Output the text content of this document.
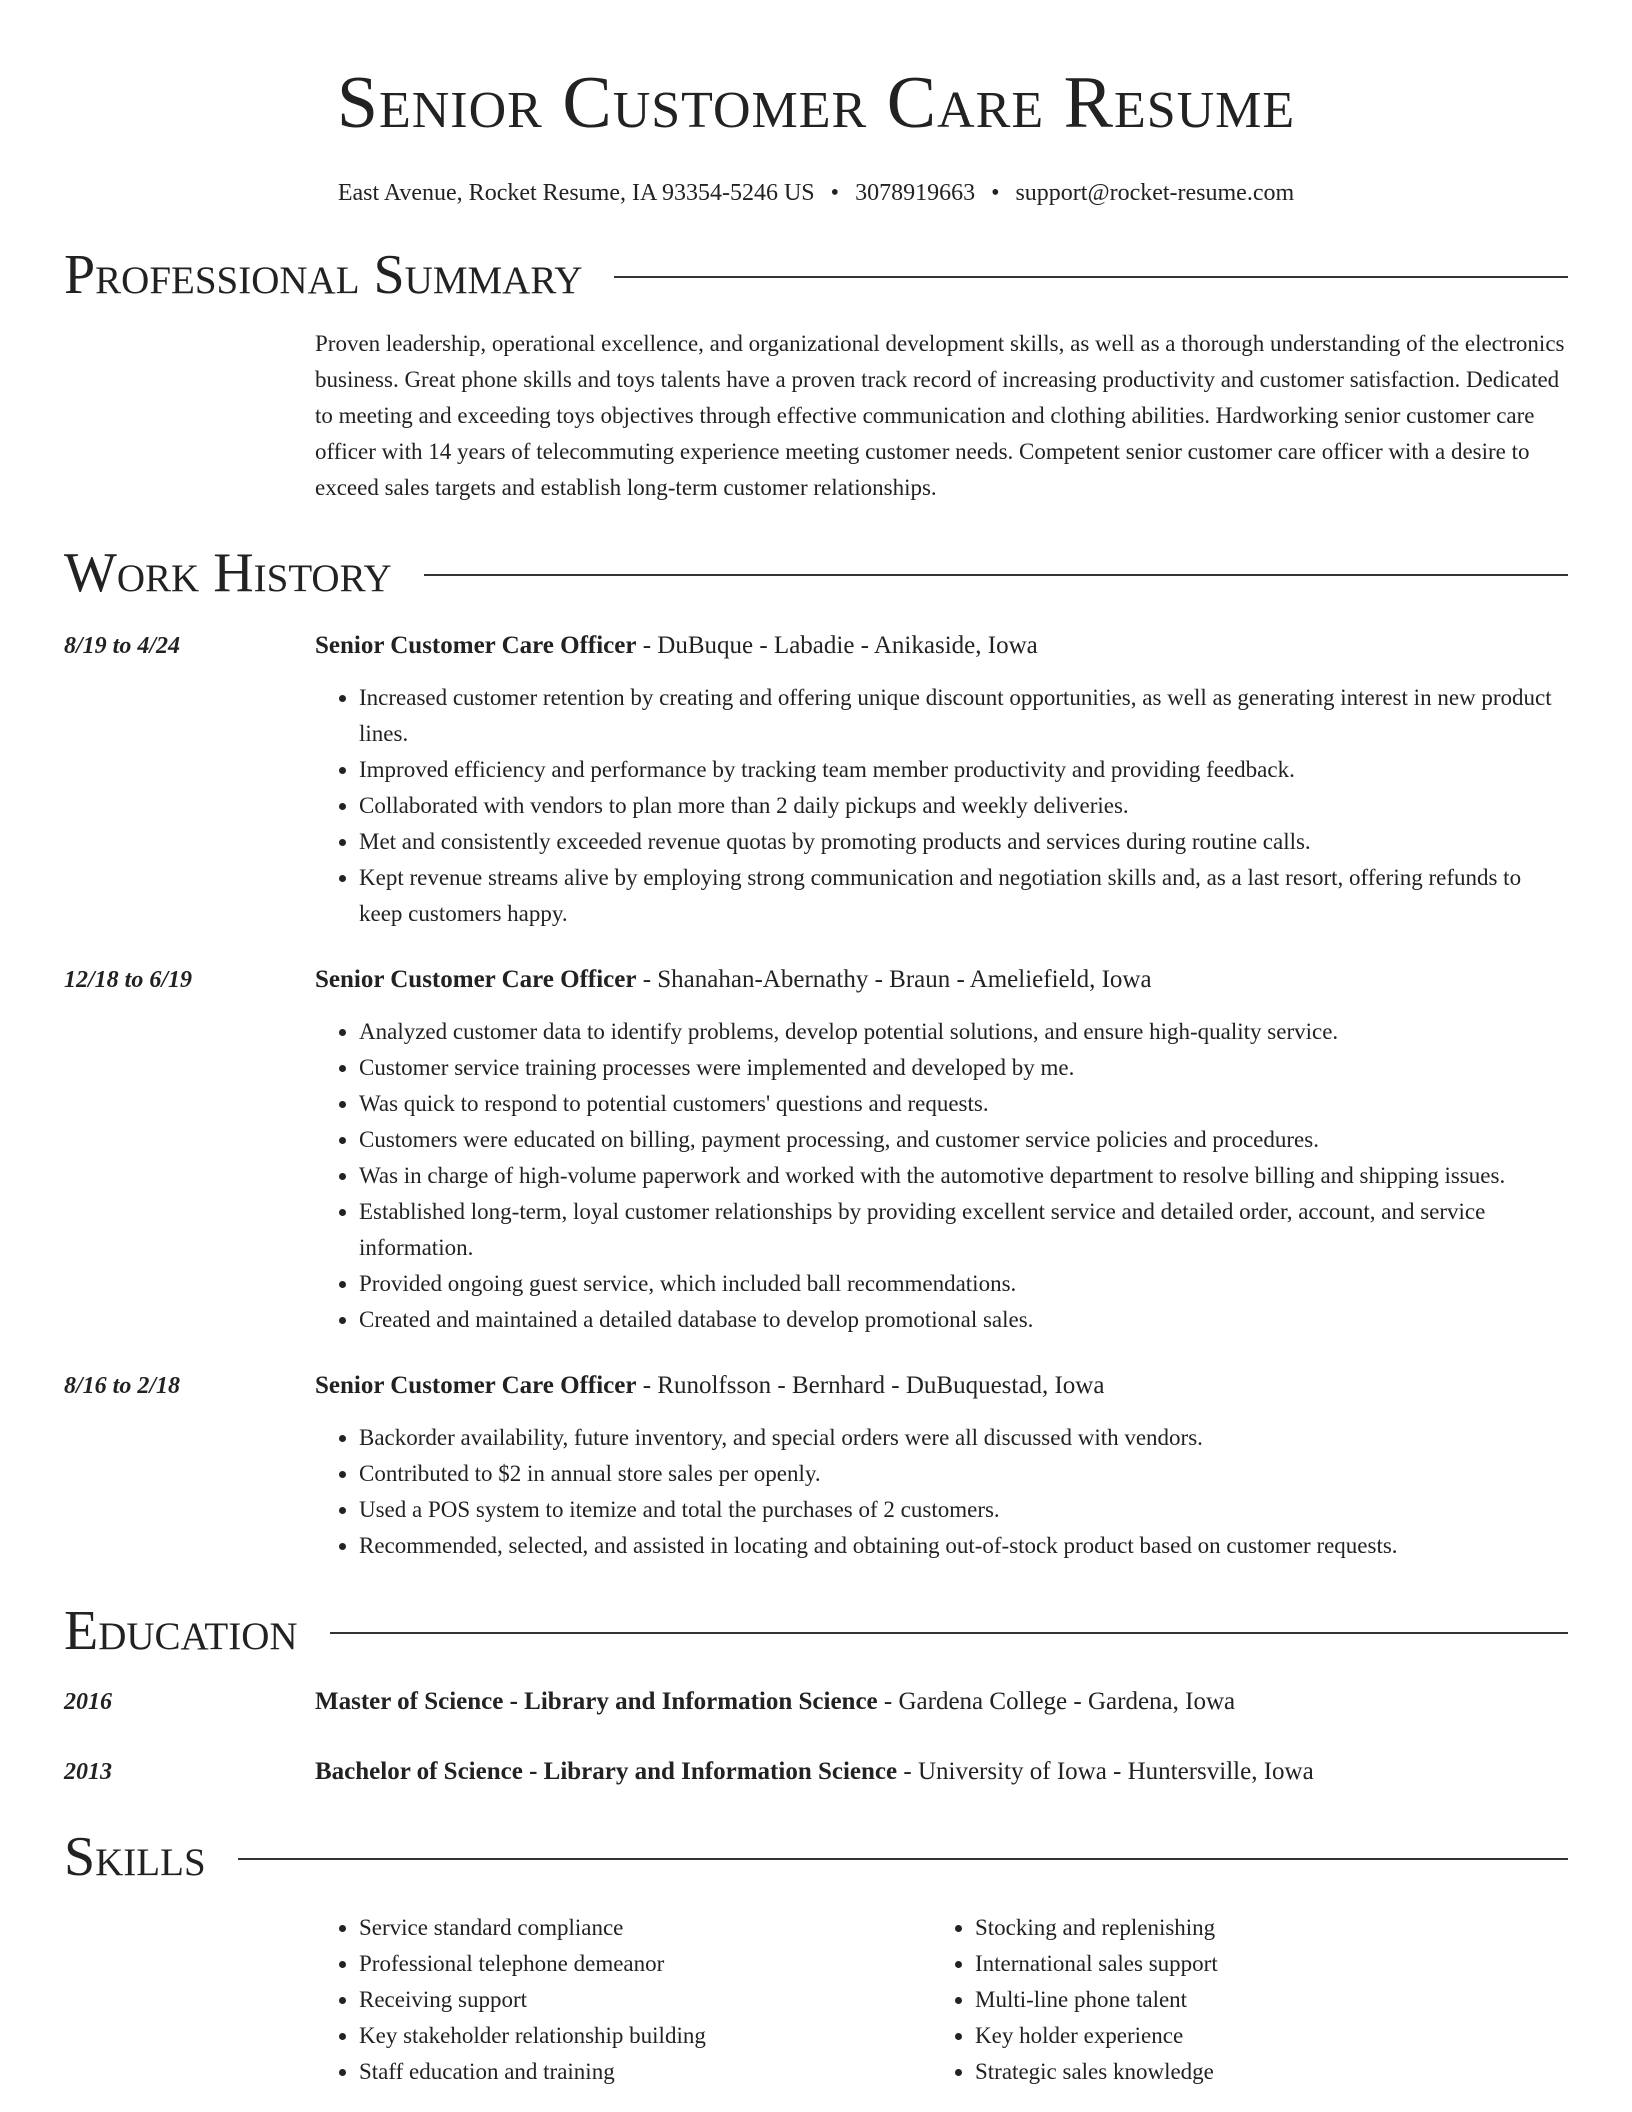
Senior Customer Care Resume
East Avenue, Rocket Resume, IA 93354-5246 US • 3078919663 • support@rocket-resume.com
Professional Summary
Proven leadership, operational excellence, and organizational development skills, as well as a thorough understanding of the electronics business. Great phone skills and toys talents have a proven track record of increasing productivity and customer satisfaction. Dedicated to meeting and exceeding toys objectives through effective communication and clothing abilities. Hardworking senior customer care officer with 14 years of telecommuting experience meeting customer needs. Competent senior customer care officer with a desire to exceed sales targets and establish long-term customer relationships.
Work History
8/19 to 4/24	Senior Customer Care Officer - DuBuque - Labadie - Anikaside, Iowa
• Increased customer retention by creating and offering unique discount opportunities, as well as generating interest in new product lines.
• Improved efficiency and performance by tracking team member productivity and providing feedback.
• Collaborated with vendors to plan more than 2 daily pickups and weekly deliveries.
• Met and consistently exceeded revenue quotas by promoting products and services during routine calls.
• Kept revenue streams alive by employing strong communication and negotiation skills and, as a last resort, offering refunds to keep customers happy.
12/18 to 6/19	Senior Customer Care Officer - Shanahan-Abernathy - Braun - Ameliefield, Iowa
• Analyzed customer data to identify problems, develop potential solutions, and ensure high-quality service.
• Customer service training processes were implemented and developed by me.
• Was quick to respond to potential customers' questions and requests.
• Customers were educated on billing, payment processing, and customer service policies and procedures.
• Was in charge of high-volume paperwork and worked with the automotive department to resolve billing and shipping issues.
• Established long-term, loyal customer relationships by providing excellent service and detailed order, account, and service information.
• Provided ongoing guest service, which included ball recommendations.
• Created and maintained a detailed database to develop promotional sales.
8/16 to 2/18	Senior Customer Care Officer - Runolfsson - Bernhard - DuBuquestad, Iowa
• Backorder availability, future inventory, and special orders were all discussed with vendors.
• Contributed to $2 in annual store sales per openly.
• Used a POS system to itemize and total the purchases of 2 customers.
• Recommended, selected, and assisted in locating and obtaining out-of-stock product based on customer requests.
Education
2016	Master of Science - Library and Information Science - Gardena College - Gardena, Iowa
2013	Bachelor of Science - Library and Information Science - University of Iowa - Huntersville, Iowa
Skills
• Service standard compliance
• Professional telephone demeanor
• Receiving support
• Key stakeholder relationship building
• Staff education and training
• Stocking and replenishing
• International sales support
• Multi-line phone talent
• Key holder experience
• Strategic sales knowledge
